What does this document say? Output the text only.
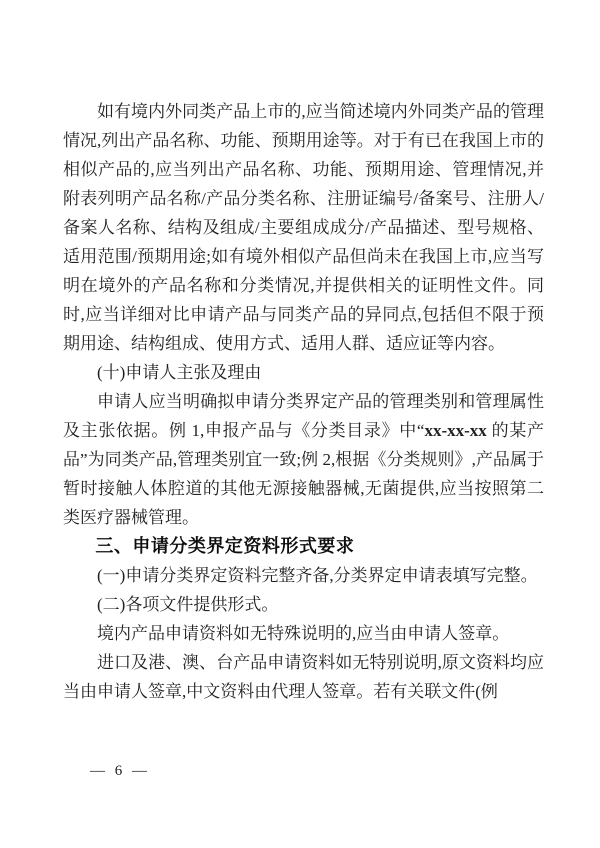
如有境内外同类产品上市的,应当简述境内外同类产品的管理情况,列出产品名称、功能、预期用途等。对于有已在我国上市的相似产品的,应当列出产品名称、功能、预期用途、管理情况,并附表列明产品名称/产品分类名称、注册证编号/备案号、注册人/备案人名称、结构及组成/主要组成成分/产品描述、型号规格、适用范围/预期用途;如有境外相似产品但尚未在我国上市,应当写明在境外的产品名称和分类情况,并提供相关的证明性文件。同时,应当详细对比申请产品与同类产品的异同点,包括但不限于预期用途、结构组成、使用方式、适用人群、适应证等内容。

(十)申请人主张及理由

申请人应当明确拟申请分类界定产品的管理类别和管理属性及主张依据。例 1,申报产品与《分类目录》中“xx-xx-xx 的某产品”为同类产品,管理类别宜一致;例 2,根据《分类规则》,产品属于暂时接触人体腔道的其他无源接触器械,无菌提供,应当按照第二类医疗器械管理。

三、申请分类界定资料形式要求

(一)申请分类界定资料完整齐备,分类界定申请表填写完整。

(二)各项文件提供形式。

境内产品申请资料如无特殊说明的,应当由申请人签章。

进口及港、澳、台产品申请资料如无特别说明,原文资料均应当由申请人签章,中文资料由代理人签章。若有关联文件(例

— 6 —
